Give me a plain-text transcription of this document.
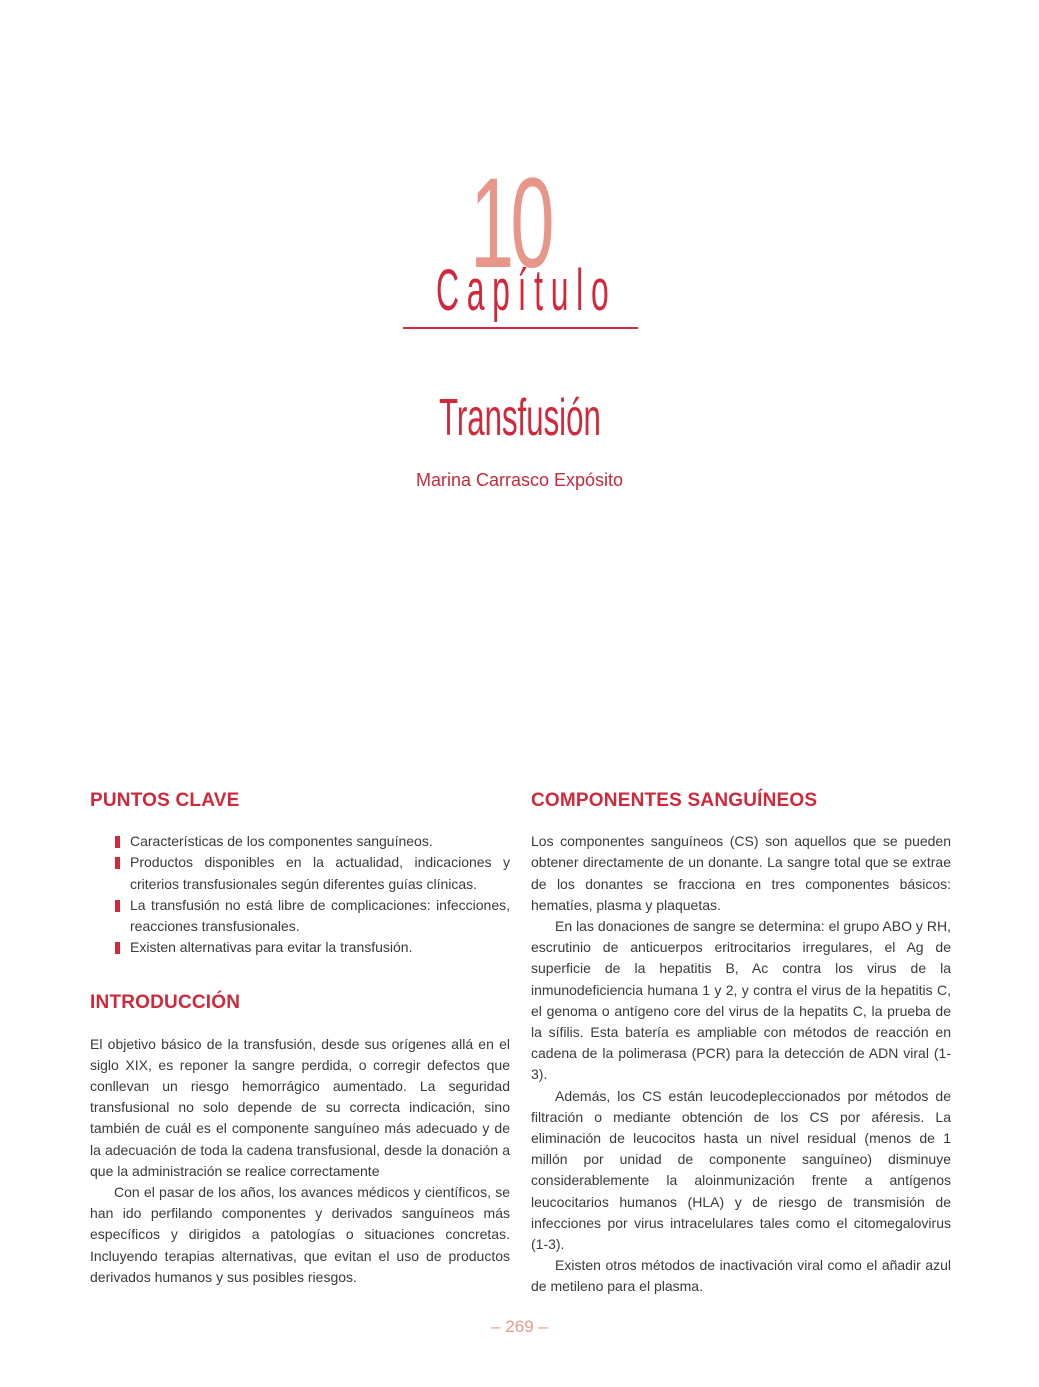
10
Capítulo
Transfusión
Marina Carrasco Expósito
PUNTOS CLAVE
Características de los componentes sanguíneos.
Productos disponibles en la actualidad, indicaciones y criterios transfusionales según diferentes guías clínicas.
La transfusión no está libre de complicaciones: infecciones, reacciones transfusionales.
Existen alternativas para evitar la transfusión.
INTRODUCCIÓN

El objetivo básico de la transfusión, desde sus orígenes allá en el siglo XIX, es reponer la sangre perdida, o corregir defectos que conllevan un riesgo hemorrágico aumentado. La seguridad transfusional no solo depende de su correcta indicación, sino también de cuál es el componente sanguíneo más adecuado y de la adecuación de toda la cadena transfusional, desde la donación a que la administración se realice correctamente

Con el pasar de los años, los avances médicos y científicos, se han ido perfilando componentes y derivados sanguíneos más específicos y dirigidos a patologías o situaciones concretas. Incluyendo terapias alternativas, que evitan el uso de productos derivados humanos y sus posibles riesgos.

COMPONENTES SANGUÍNEOS

Los componentes sanguíneos (CS) son aquellos que se pueden obtener directamente de un donante. La sangre total que se extrae de los donantes se fracciona en tres componentes básicos: hematíes, plasma y plaquetas.

En las donaciones de sangre se determina: el grupo ABO y RH, escrutinio de anticuerpos eritrocitarios irregulares, el Ag de superficie de la hepatitis B, Ac contra los virus de la inmunodeficiencia humana 1 y 2, y contra el virus de la hepatitis C, el genoma o antígeno core del virus de la hepatits C, la prueba de la sífilis. Esta batería es ampliable con métodos de reacción en cadena de la polimerasa (PCR) para la detección de ADN viral (1-3).

Además, los CS están leucodepleccionados por métodos de filtración o mediante obtención de los CS por aféresis. La eliminación de leucocitos hasta un nivel residual (menos de 1 millón por unidad de componente sanguíneo) disminuye considerablemente la aloinmunización frente a antígenos leucocitarios humanos (HLA) y de riesgo de transmisión de infecciones por virus intracelulares tales como el citomegalovirus (1-3).

Existen otros métodos de inactivación viral como el añadir azul de metileno para el plasma.

– 269 –
